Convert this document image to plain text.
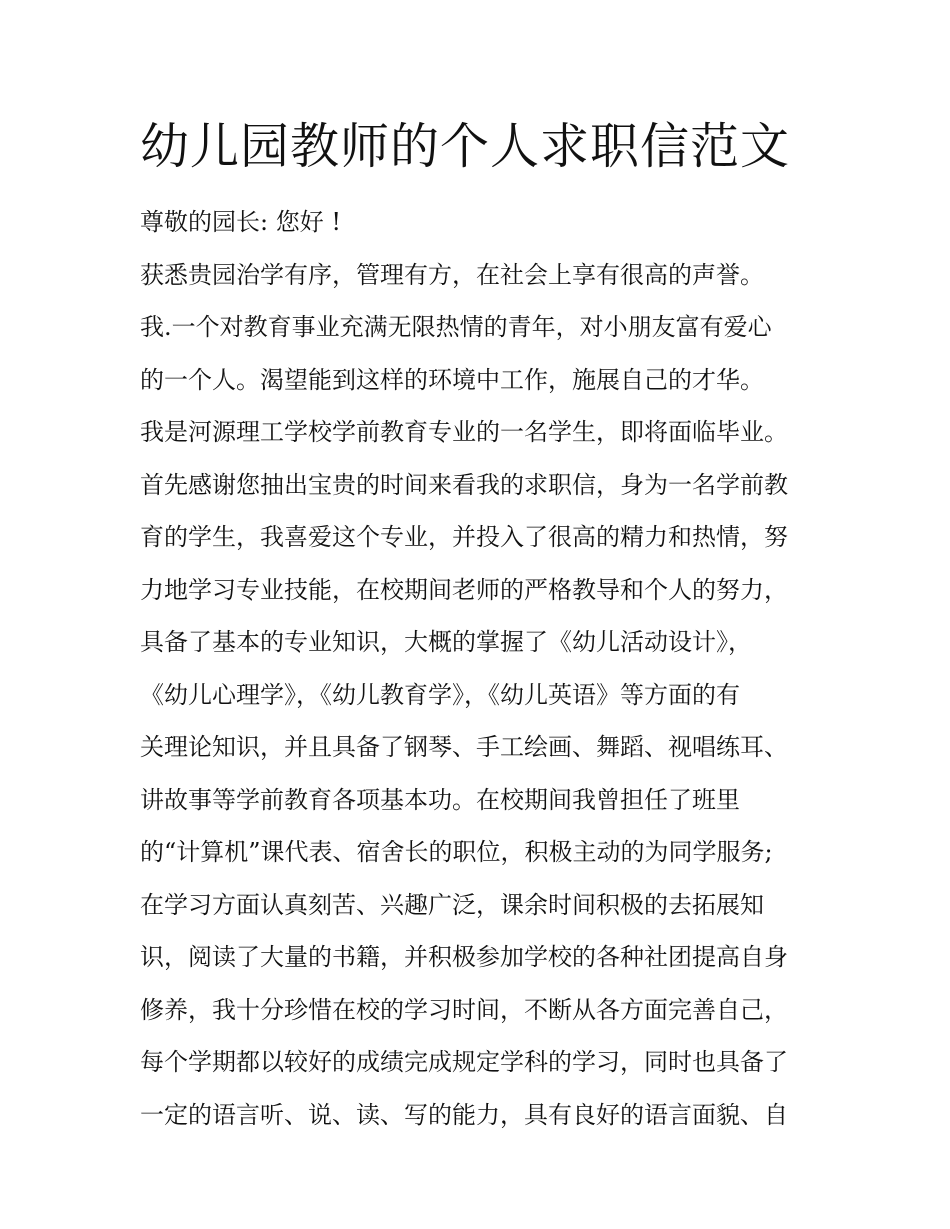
幼儿园教师的个人求职信范文
尊敬的园长: 您好 !
获悉贵园治学有序，管理有方，在社会上享有很高的声誉。
我.一个对教育事业充满无限热情的青年，对小朋友富有爱心
的一个人。渴望能到这样的环境中工作，施展自己的才华。
我是河源理工学校学前教育专业的一名学生，即将面临毕业。
首先感谢您抽出宝贵的时间来看我的求职信，身为一名学前教
育的学生，我喜爱这个专业，并投入了很高的精力和热情，努
力地学习专业技能，在校期间老师的严格教导和个人的努力，
具备了基本的专业知识，大概的掌握了《幼儿活动设计》，
《幼儿心理学》，《幼儿教育学》，《幼儿英语》等方面的有
关理论知识，并且具备了钢琴、手工绘画、舞蹈、视唱练耳、
讲故事等学前教育各项基本功。在校期间我曾担任了班里
的“计算机”课代表、宿舍长的职位，积极主动的为同学服务;
在学习方面认真刻苦、兴趣广泛，课余时间积极的去拓展知
识，阅读了大量的书籍，并积极参加学校的各种社团提高自身
修养，我十分珍惜在校的学习时间，不断从各方面完善自己，
每个学期都以较好的成绩完成规定学科的学习，同时也具备了
一定的语言听、说、读、写的能力，具有良好的语言面貌、自
